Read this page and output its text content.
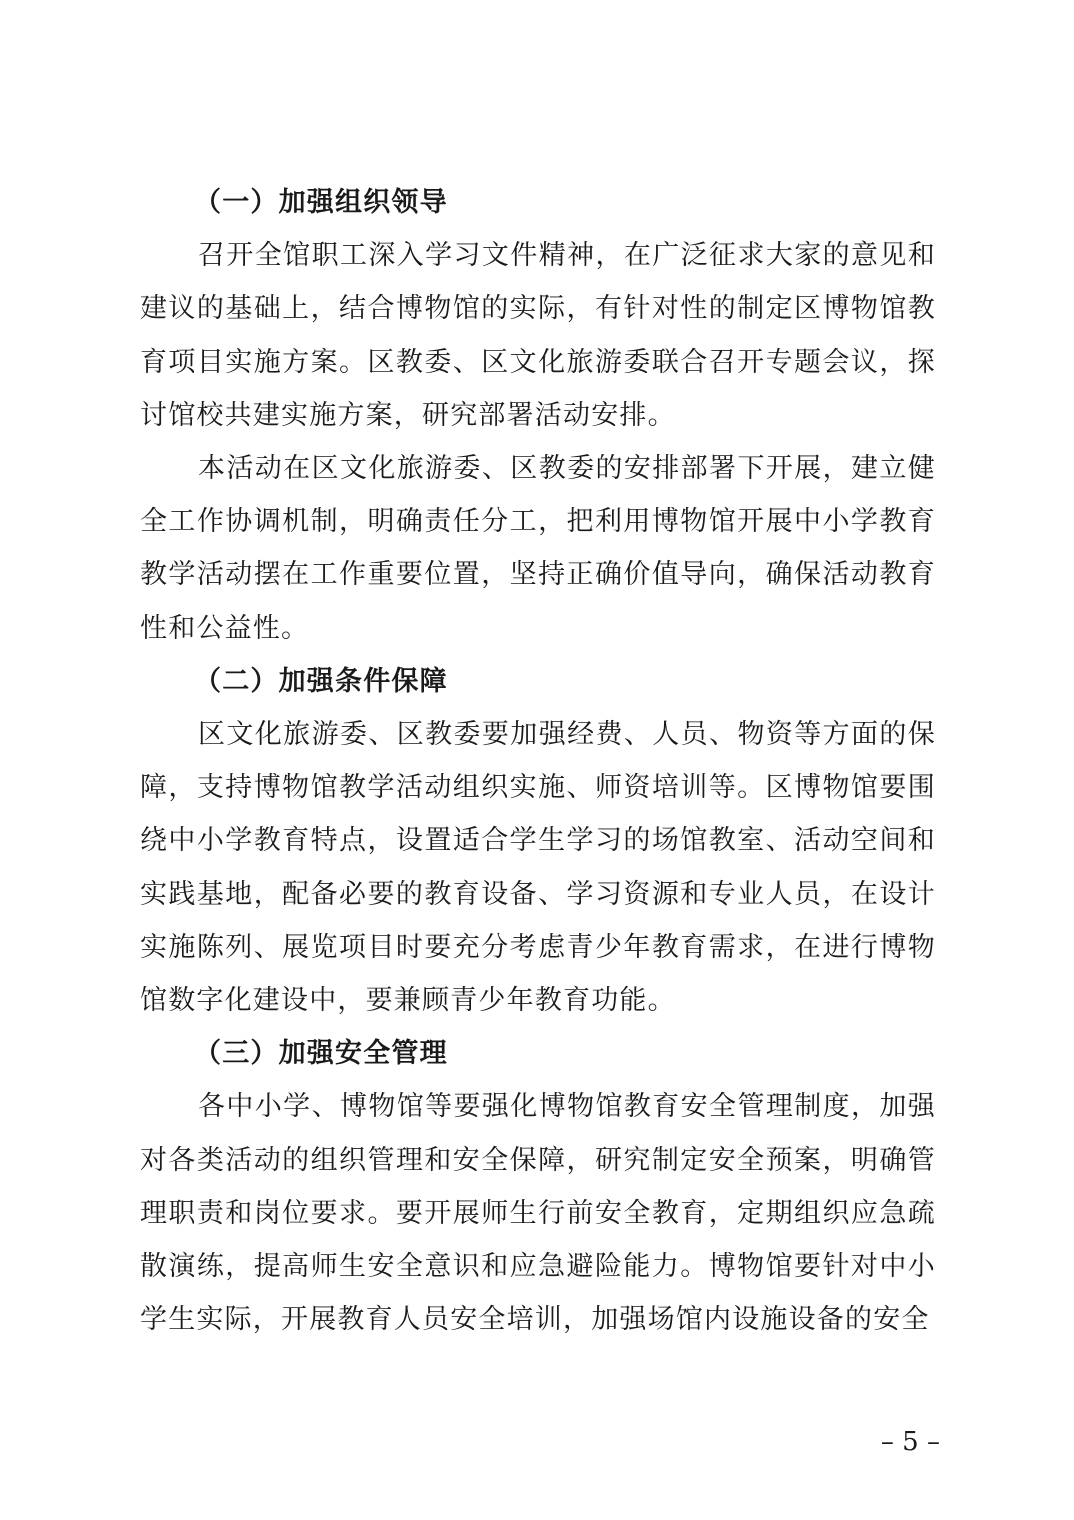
（一）加强组织领导

召开全馆职工深入学习文件精神，在广泛征求大家的意见和建议的基础上，结合博物馆的实际，有针对性的制定区博物馆教育项目实施方案。区教委、区文化旅游委联合召开专题会议，探讨馆校共建实施方案，研究部署活动安排。

本活动在区文化旅游委、区教委的安排部署下开展，建立健全工作协调机制，明确责任分工，把利用博物馆开展中小学教育教学活动摆在工作重要位置，坚持正确价值导向，确保活动教育性和公益性。

（二）加强条件保障

区文化旅游委、区教委要加强经费、人员、物资等方面的保障，支持博物馆教学活动组织实施、师资培训等。区博物馆要围绕中小学教育特点，设置适合学生学习的场馆教室、活动空间和实践基地，配备必要的教育设备、学习资源和专业人员，在设计实施陈列、展览项目时要充分考虑青少年教育需求，在进行博物馆数字化建设中，要兼顾青少年教育功能。

（三）加强安全管理

各中小学、博物馆等要强化博物馆教育安全管理制度，加强对各类活动的组织管理和安全保障，研究制定安全预案，明确管理职责和岗位要求。要开展师生行前安全教育，定期组织应急疏散演练，提高师生安全意识和应急避险能力。博物馆要针对中小学生实际，开展教育人员安全培训，加强场馆内设施设备的安全

– 5 –
